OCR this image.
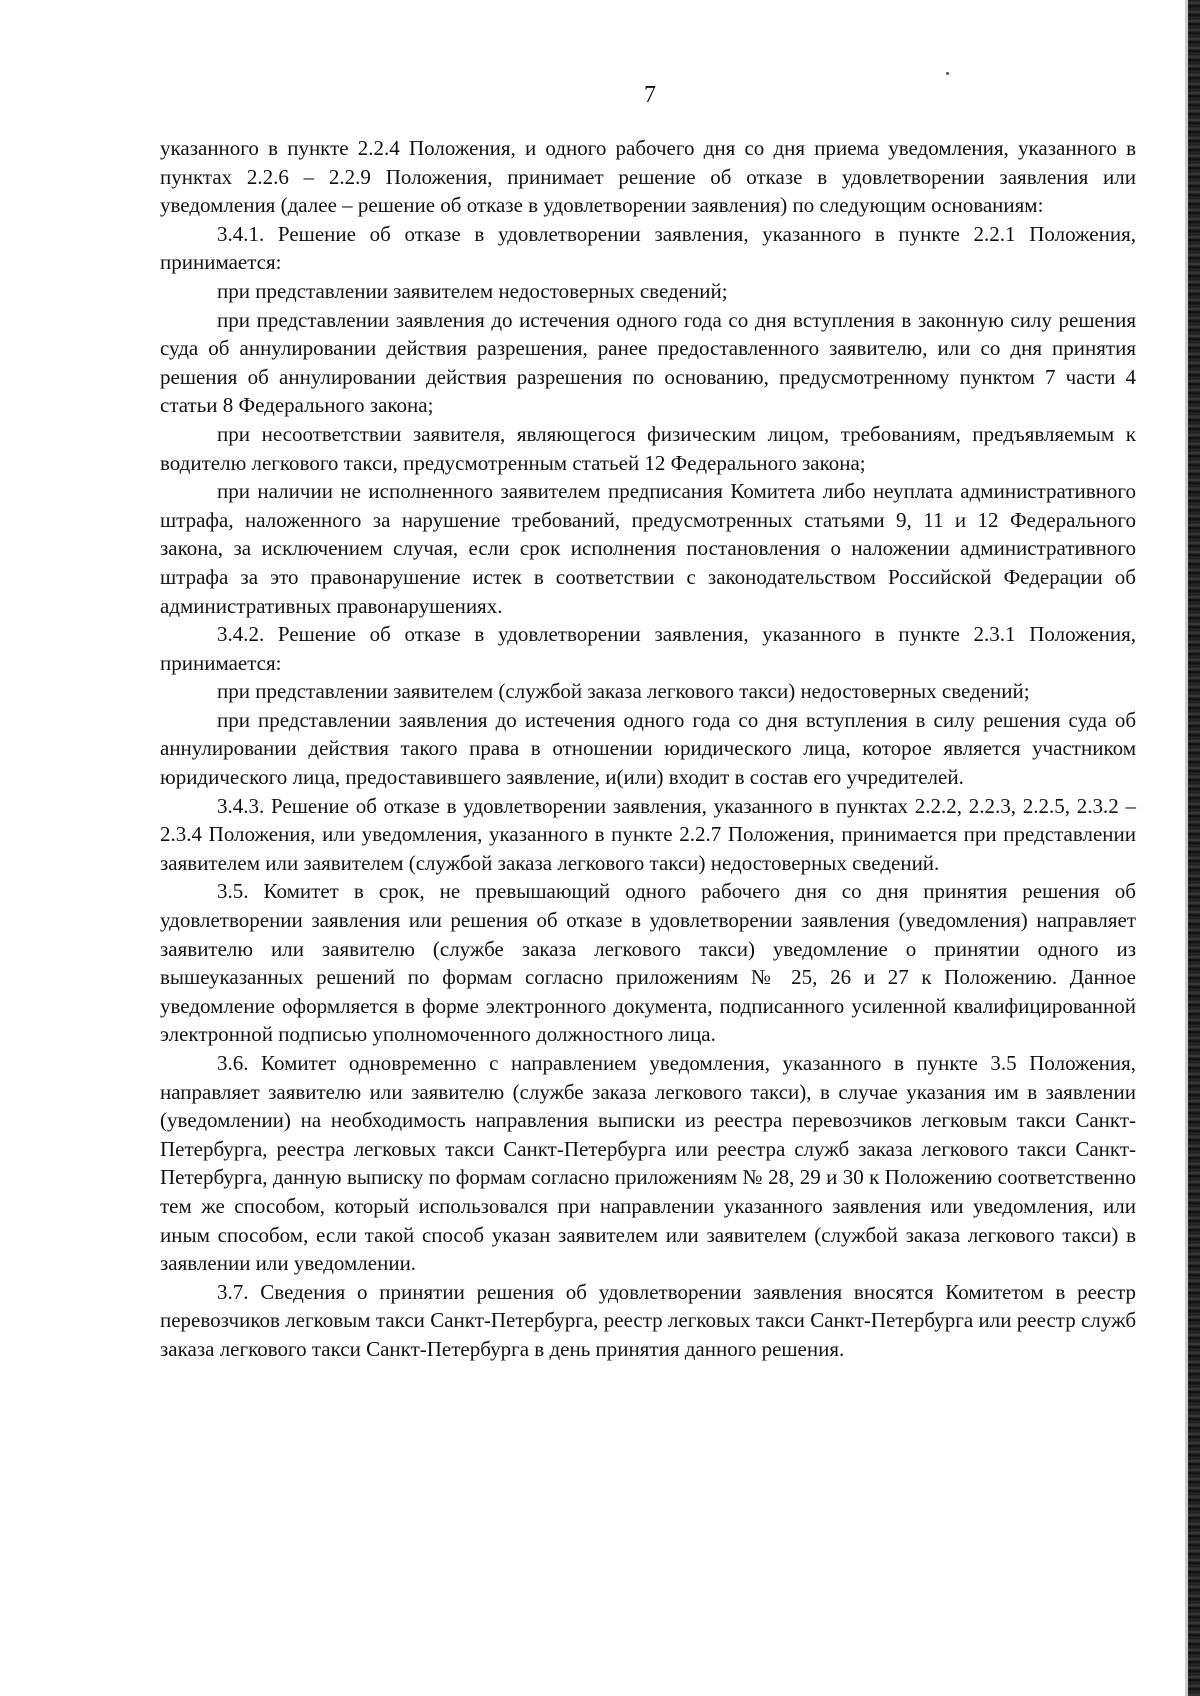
7

указанного в пункте 2.2.4 Положения, и одного рабочего дня со дня приема уведомления, указанного в пунктах 2.2.6 – 2.2.9 Положения, принимает решение об отказе в удовлетворении заявления или уведомления (далее – решение об отказе в удовлетворении заявления) по следующим основаниям:

3.4.1. Решение об отказе в удовлетворении заявления, указанного в пункте 2.2.1 Положения, принимается:

при представлении заявителем недостоверных сведений;

при представлении заявления до истечения одного года со дня вступления в законную силу решения суда об аннулировании действия разрешения, ранее предоставленного заявителю, или со дня принятия решения об аннулировании действия разрешения по основанию, предусмотренному пунктом 7 части 4 статьи 8 Федерального закона;

при несоответствии заявителя, являющегося физическим лицом, требованиям, предъявляемым к водителю легкового такси, предусмотренным статьей 12 Федерального закона;

при наличии не исполненного заявителем предписания Комитета либо неуплата административного штрафа, наложенного за нарушение требований, предусмотренных статьями 9, 11 и 12 Федерального закона, за исключением случая, если срок исполнения постановления о наложении административного штрафа за это правонарушение истек в соответствии с законодательством Российской Федерации об административных правонарушениях.

3.4.2. Решение об отказе в удовлетворении заявления, указанного в пункте 2.3.1 Положения, принимается:

при представлении заявителем (службой заказа легкового такси) недостоверных сведений;

при представлении заявления до истечения одного года со дня вступления в силу решения суда об аннулировании действия такого права в отношении юридического лица, которое является участником юридического лица, предоставившего заявление, и(или) входит в состав его учредителей.

3.4.3. Решение об отказе в удовлетворении заявления, указанного в пунктах 2.2.2, 2.2.3, 2.2.5, 2.3.2 – 2.3.4 Положения, или уведомления, указанного в пункте 2.2.7 Положения, принимается при представлении заявителем или заявителем (службой заказа легкового такси) недостоверных сведений.

3.5. Комитет в срок, не превышающий одного рабочего дня со дня принятия решения об удовлетворении заявления или решения об отказе в удовлетворении заявления (уведомления) направляет заявителю или заявителю (службе заказа легкового такси) уведомление о принятии одного из вышеуказанных решений по формам согласно приложениям № 25, 26 и 27 к Положению. Данное уведомление оформляется в форме электронного документа, подписанного усиленной квалифицированной электронной подписью уполномоченного должностного лица.

3.6. Комитет одновременно с направлением уведомления, указанного в пункте 3.5 Положения, направляет заявителю или заявителю (службе заказа легкового такси), в случае указания им в заявлении (уведомлении) на необходимость направления выписки из реестра перевозчиков легковым такси Санкт-Петербурга, реестра легковых такси Санкт-Петербурга или реестра служб заказа легкового такси Санкт-Петербурга, данную выписку по формам согласно приложениям № 28, 29 и 30 к Положению соответственно тем же способом, который использовался при направлении указанного заявления или уведомления, или иным способом, если такой способ указан заявителем или заявителем (службой заказа легкового такси) в заявлении или уведомлении.

3.7. Сведения о принятии решения об удовлетворении заявления вносятся Комитетом в реестр перевозчиков легковым такси Санкт-Петербурга, реестр легковых такси Санкт-Петербурга или реестр служб заказа легкового такси Санкт-Петербурга в день принятия данного решения.
